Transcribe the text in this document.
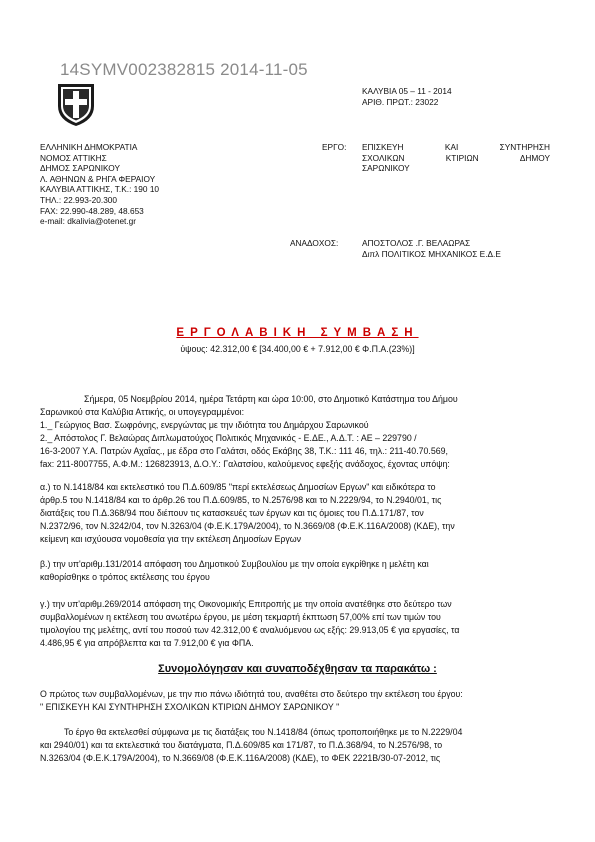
14SYMV002382815 2014-11-05
ΚΑΛΥΒΙΑ 05 – 11 - 2014
ΑΡΙΘ. ΠΡΩΤ.: 23022
ΕΛΛΗΝΙΚΗ ΔΗΜΟΚΡΑΤΙΑ
ΝΟΜΟΣ ΑΤΤΙΚΗΣ
ΔΗΜΟΣ ΣΑΡΩΝΙΚΟΥ
Λ. ΑΘΗΝΩΝ & ΡΗΓΑ ΦΕΡΑΙΟΥ
ΚΑΛΥΒΙΑ ΑΤΤΙΚΗΣ, Τ.Κ.: 190 10
ΤΗΛ.: 22.993-20.300
FAX: 22.990-48.289, 48.653
e-mail: dkalivia@otenet.gr
ΕΡΓΟ: ΕΠΙΣΚΕΥΗ	ΚΑΙ	ΣΥΝΤΗΡΗΣΗ
ΣΧΟΛΙΚΩΝ	ΚΤΙΡΙΩΝ	ΔΗΜΟΥ
ΣΑΡΩΝΙΚΟΥ
ΑΝΑΔΟΧΟΣ:	ΑΠΟΣΤΟΛΟΣ .Γ. ΒΕΛΑΩΡΑΣ
Διπλ ΠΟΛΙΤΙΚΟΣ ΜΗΧΑΝΙΚΟΣ Ε.Δ.Ε
ΕΡΓΟΛΑΒΙΚΗ ΣΥΜΒΑΣΗ
ύψους: 42.312,00 € [34.400,00 € + 7.912,00 € Φ.Π.Α.(23%)]
Σήμερα, 05 Νοεμβρίου 2014, ημέρα Τετάρτη και ώρα 10:00, στο Δημοτικό Κατάστημα του Δήμου
Σαρωνικού στα Καλύβια Αττικής, οι υπογεγραμμένοι:
1._ Γεώργιος Βασ. Σωφρόνης, ενεργώντας με την ιδιότητα του Δημάρχου Σαρωνικού
2._ Απόστολος Γ. Βελαώρας Διπλωματούχος Πολιτικός Μηχανικός - Ε.ΔΕ., Α.Δ.Τ. : ΑΕ – 229790 /
16-3-2007 Υ.Α. Πατρών Αχαΐας., με έδρα στο Γαλάτσι, οδός Εκάβης 38, Τ.Κ.: 111 46, τηλ.: 211-40.70.569,
fax: 211-8007755, Α.Φ.Μ.: 126823913, Δ.Ο.Υ.: Γαλατσίου, καλούμενος εφεξής ανάδοχος, έχοντας υπόψη:
α.) το Ν.1418/84 και εκτελεστικό του Π.Δ.609/85 "περί εκτελέσεως Δημοσίων Εργων" και ειδικότερα το
άρθρ.5 του Ν.1418/84 και το άρθρ.26 του Π.Δ.609/85, το Ν.2576/98 και το Ν.2229/94, το Ν.2940/01, τις
διατάξεις του Π.Δ.368/94 που διέπουν τις κατασκευές των έργων και τις όμοιες του Π.Δ.171/87, τον
Ν.2372/96, τον Ν.3242/04, τον Ν.3263/04 (Φ.Ε.Κ.179Α/2004), το Ν.3669/08 (Φ.Ε.Κ.116Α/2008) (ΚΔΕ), την
κείμενη και ισχύουσα νομοθεσία για την εκτέλεση Δημοσίων Εργων
β.) την υπ'αριθμ.131/2014 απόφαση του Δημοτικού Συμβουλίου με την οποία εγκρίθηκε η μελέτη και
καθορίσθηκε ο τρόπος εκτέλεσης του έργου
γ.) την υπ'αριθμ.269/2014 απόφαση της Οικονομικής Επιτροπής με την οποία ανατέθηκε στο δεύτερο των
συμβαλλομένων η εκτέλεση του ανωτέρω έργου, με μέση τεκμαρτή έκπτωση 57,00% επί των τιμών του
τιμολογίου της μελέτης, αντί του ποσού των 42.312,00 € αναλυόμενου ως εξής: 29.913,05 € για εργασίες, τα
4.486,95 € για απρόβλεπτα και τα 7.912,00 € για ΦΠΑ.
Συνομολόγησαν και συναποδέχθησαν τα παρακάτω :
Ο πρώτος των συμβαλλομένων, με την πιο πάνω ιδιότητά του, αναθέτει στο δεύτερο την εκτέλεση του έργου:
" ΕΠΙΣΚΕΥΗ ΚΑΙ ΣΥΝΤΗΡΗΣΗ ΣΧΟΛΙΚΩΝ ΚΤΙΡΙΩΝ ΔΗΜΟΥ ΣΑΡΩΝΙΚΟΥ "
Το έργο θα εκτελεσθεί σύμφωνα με τις διατάξεις του Ν.1418/84 (όπως τροποποιήθηκε με το Ν.2229/04
και 2940/01) και τα εκτελεστικά του διατάγματα, Π.Δ.609/85 και 171/87, το Π.Δ.368/94, το Ν.2576/98, το
Ν.3263/04 (Φ.Ε.Κ.179Α/2004), το Ν.3669/08 (Φ.Ε.Κ.116Α/2008) (ΚΔΕ), το ΦΕΚ 2221Β/30-07-2012, τις
